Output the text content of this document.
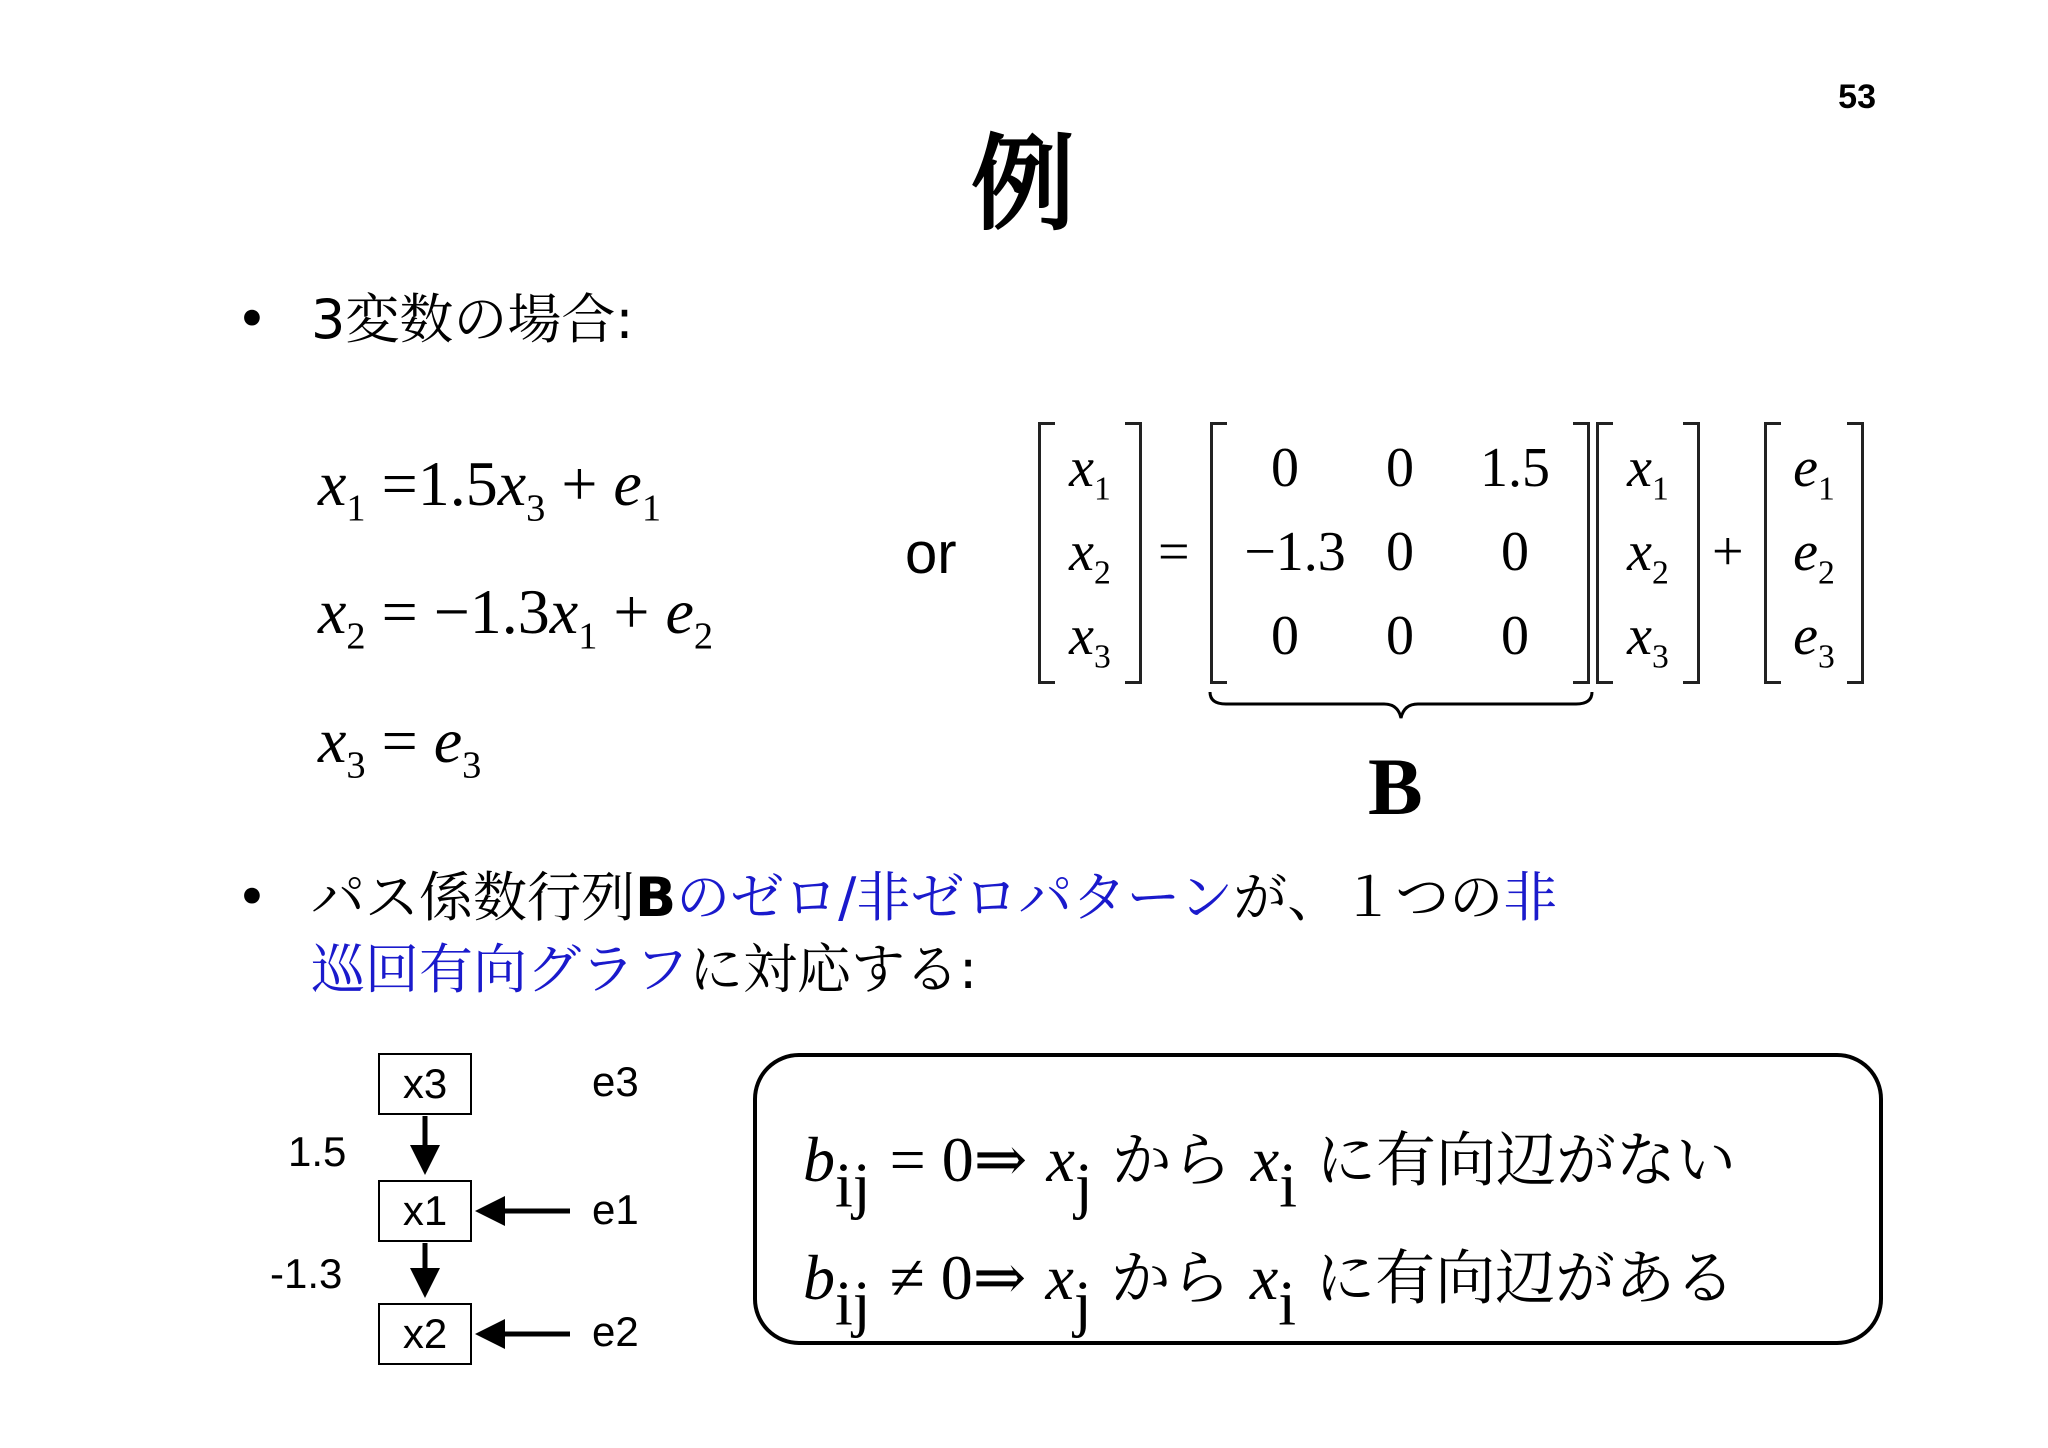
53
例
• 3変数の場合:
$x_1 =1.5x_3 + e_1$
$x_2 = -1.3x_1 + e_2$
$x_3 = e_3$
or
$x_1$
$x_2$
$x_3$
=
0	0	1.5
−1.3 0	0
0	0	0
$x_1$
$x_2$
$x_3$
+
$e_1$
$e_2$
$e_3$
B
• パス係数行列Bのゼロ/非ゼロパターンが、１つの非
巡回有向グラフに対応する:
x3
x1
x2
e3
e1
e2
1.5
-1.3
bij = 0⇒ xj から xi に有向辺がない
bij ≠ 0⇒ xj から xi に有向辺がある
